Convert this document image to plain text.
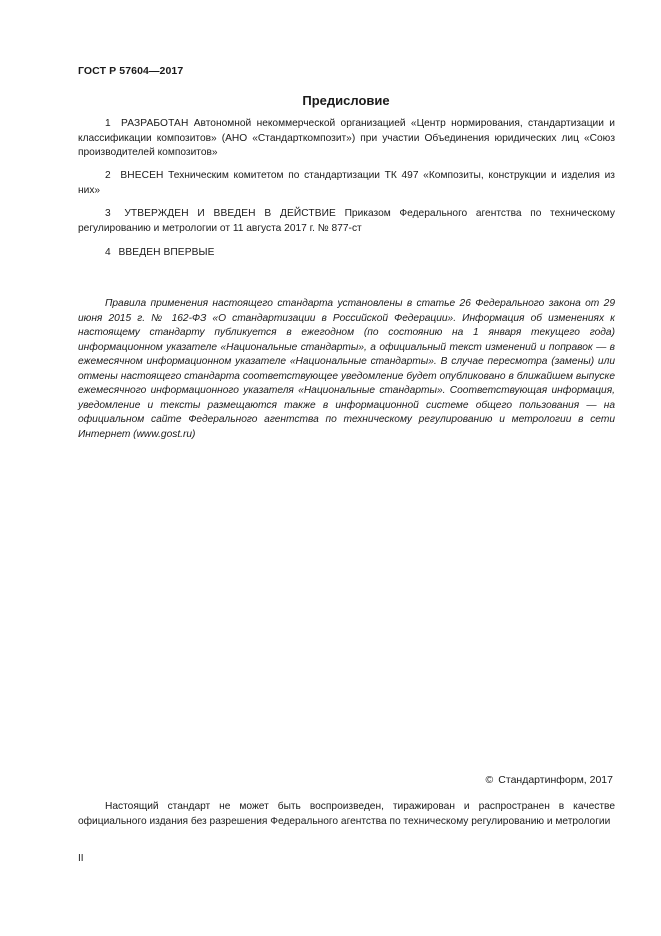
ГОСТ Р 57604—2017
Предисловие

1 РАЗРАБОТАН Автономной некоммерческой организацией «Центр нормирования, стандартизации и классификации композитов» (АНО «Стандарткомпозит») при участии Объединения юридических лиц «Союз производителей композитов»

2 ВНЕСЕН Техническим комитетом по стандартизации ТК 497 «Композиты, конструкции и изделия из них»

3 УТВЕРЖДЕН И ВВЕДЕН В ДЕЙСТВИЕ Приказом Федерального агентства по техническому регулированию и метрологии от 11 августа 2017 г. № 877-ст

4 ВВЕДЕН ВПЕРВЫЕ

Правила применения настоящего стандарта установлены в статье 26 Федерального закона от 29 июня 2015 г. № 162-ФЗ «О стандартизации в Российской Федерации». Информация об изменениях к настоящему стандарту публикуется в ежегодном (по состоянию на 1 января текущего года) информационном указателе «Национальные стандарты», а официальный текст изменений и поправок — в ежемесячном информационном указателе «Национальные стандарты». В случае пересмотра (замены) или отмены настоящего стандарта соответствующее уведомление будет опубликовано в ближайшем выпуске ежемесячного информационного указателя «Национальные стандарты». Соответствующая информация, уведомление и тексты размещаются также в информационной системе общего пользования — на официальном сайте Федерального агентства по техническому регулированию и метрологии в сети Интернет (www.gost.ru)

© Стандартинформ, 2017

Настоящий стандарт не может быть воспроизведен, тиражирован и распространен в качестве официального издания без разрешения Федерального агентства по техническому регулированию и метрологии

II
